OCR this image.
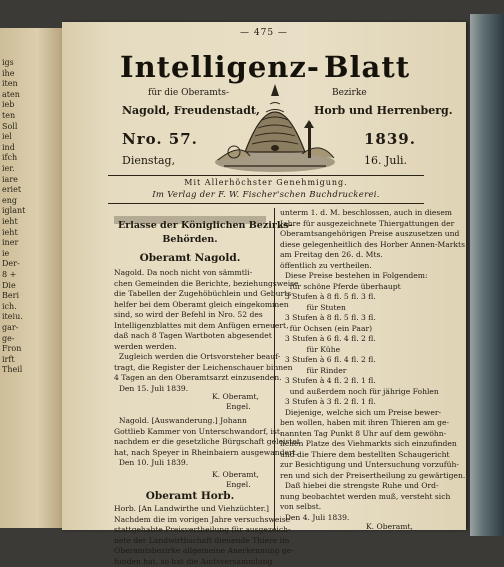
igs
ihe
iten
aten
ieb
ten
Soll
iel
ind
ifch
ier.
iare
eriet
eng
iglant
ieht
ieht
iner
ie
Der-
8 +
Die
Beri
ich.
iteiu.
gar-
ge-
Fron
irft
Theil
— 475 —
Intelligenz- Blatt
für die Oberamts-	Bezirke
Nagold, Freudenstadt,	Horb und Herrenberg.
Nro. 57.	1839.
Dienstag,	16. Juli.
Mit Allerhöchster Genehmigung.
Im Verlag der F. W. Fischer'schen Buchdruckerei.
Erlasse der Königlichen Bezirks-
Behörden.
Oberamt Nagold.

Nagold. Da noch nicht von sämmtli-

chen Gemeinden die Berichte, beziehungsweise

die Tabellen der Zugehöbüchlein und Geburts-

helfer bei dem Oberamt gleich eingekommen

sind, so wird der Befehl in Nro. 52 des

Intelligenzblattes mit dem Anfügen erneuert,

daß nach 8 Tagen Wartboten abgesendet

werden werden.

Zugleich werden die Ortsvorsteher beauf-

tragt, die Register der Leichenschauer binnen

4 Tagen an den Oberamtsarzt einzusenden.

Den 15. Juli 1839.

K. Oberamt,
Engel.

Nagold. [Auswanderung.] Johann

Gottlieb Kammer von Unterschwandorf, ist,

nachdem er die gesetzliche Bürgschaft geleistet

hat, nach Speyer in Rheinbaiern ausgewandert.

Den 10. Juli 1839.

K. Oberamt,
Engel.
Oberamt Horb.

Horb. [An Landwirthe und Viehzüchter.]

Nachdem die im vorigen Jahre versuchsweise

stattgehabte Preisvertheilung für ausgezeich-

nete der Landwirthschaft dienende Thiere im

Oberamtsbezirke allgemeine Anerkennung ge-

funden hat, so hat die Amtsversammlung

unterm 1. d. M. beschlossen, auch in diesem

Jahre für ausgezeichnete Thiergattungen der

Oberamtsangehörigen Preise auszusetzen und

diese gelegenheitlich des Horber Annen-Markts

am Freitag den 26. d. Mts.

öffentlich zu vertheilen.

Diese Preise bestehen in Folgendem:

für schöne Pferde überhaupt

3 Stufen à 8 fl. 5 fl. 3 fl.

für Stuten

3 Stufen à 8 fl. 5 fl. 3 fl.

für Ochsen (ein Paar)

3 Stufen à 6 fl. 4 fl. 2 fl.

für Kühe

3 Stufen à 6 fl. 4 fl. 2 fl.

für Rinder

3 Stufen à 4 fl. 2 fl. 1 fl.

und außerdem noch für jährige Fohlen

3 Stufen à 3 fl. 2 fl. 1 fl.

Diejenige, welche sich um Preise bewer-

ben wollen, haben mit ihren Thieren am ge-

nannten Tag Punkt 8 Uhr auf dem gewöhn-

lichen Platze des Viehmarkts sich einzufinden

und die Thiere dem bestellten Schaugericht

zur Besichtigung und Untersuchung vorzufüh-

ren und sich der Preisertheilung zu gewärtigen.

Daß hiebei die strengste Ruhe und Ord-

nung beobachtet werden muß, versteht sich

von selbst.

Den 4. Juli 1839.

K. Oberamt,
